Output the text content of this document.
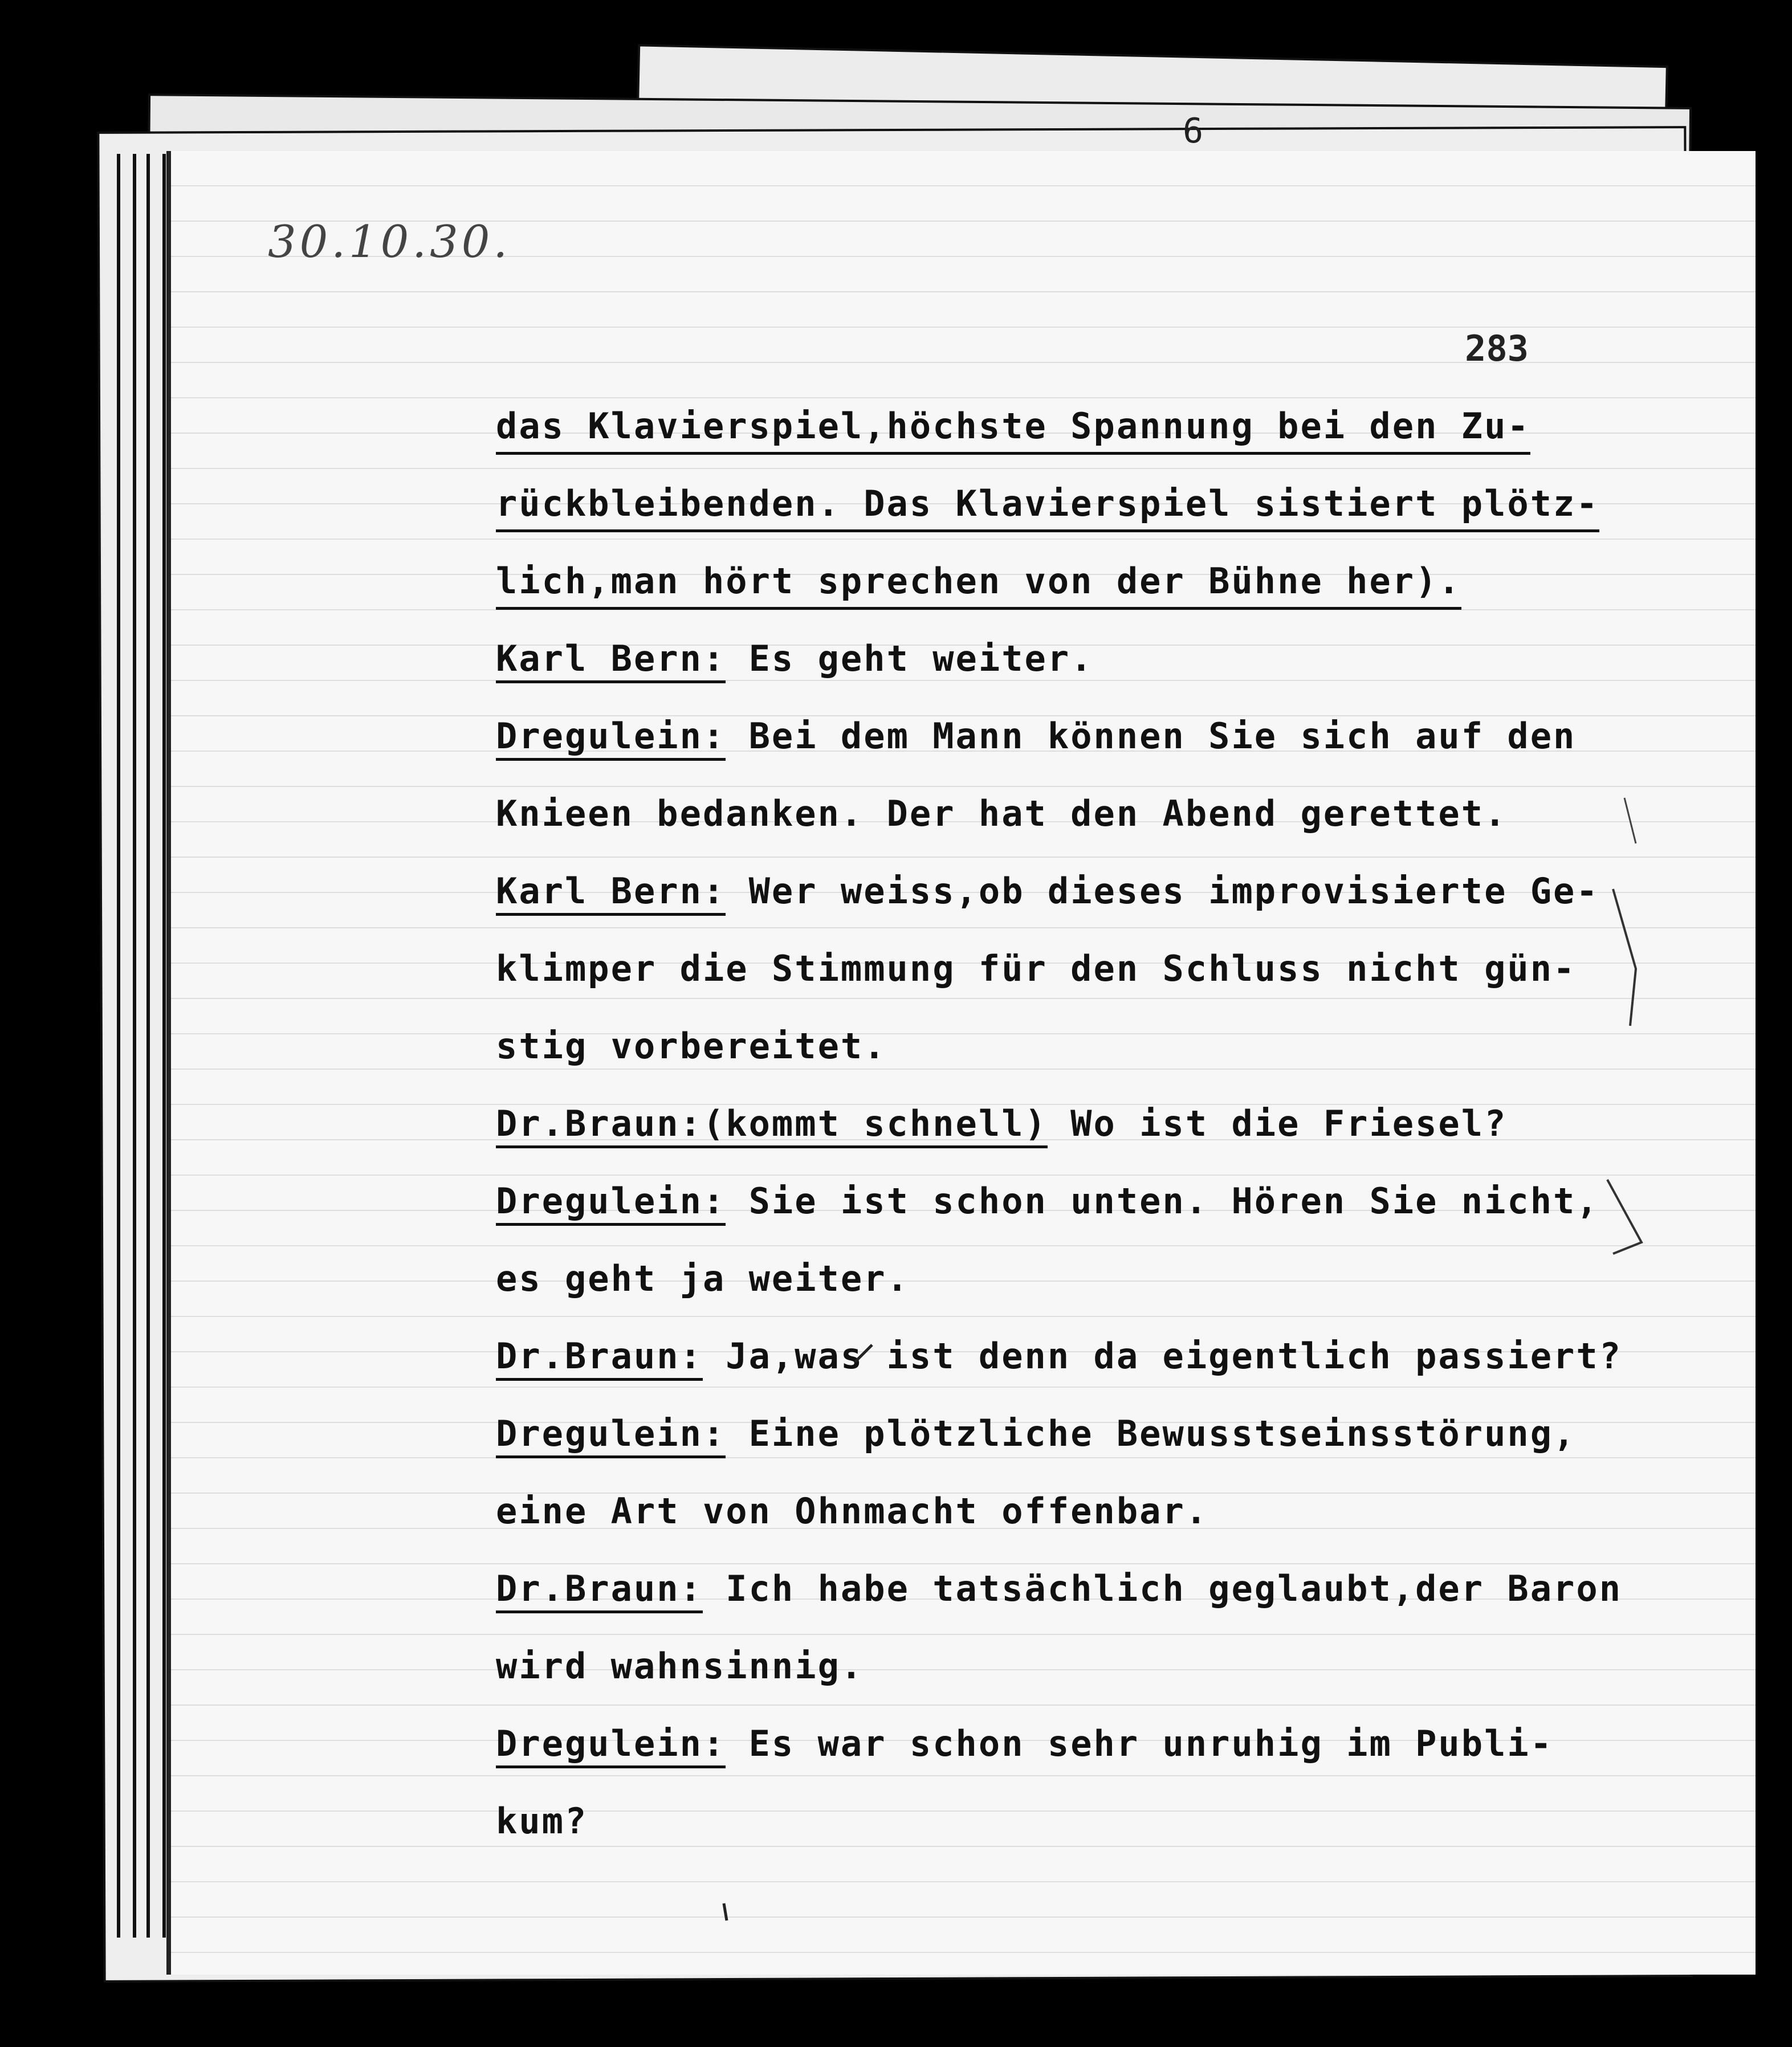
30.10.30.
6
283
das Klavierspiel,höchste Spannung bei den Zu-
rückbleibenden. Das Klavierspiel sistiert plötz-
lich,man hört sprechen von der Bühne her).
Karl Bern: Es geht weiter.
Dregulein: Bei dem Mann können Sie sich auf den
Knieen bedanken. Der hat den Abend gerettet.
Karl Bern: Wer weiss,ob dieses improvisierte Ge-
klimper die Stimmung für den Schluss nicht gün-
stig vorbereitet.
Dr.Braun:(kommt schnell) Wo ist die Friesel?
Dregulein: Sie ist schon unten. Hören Sie nicht,
es geht ja weiter.
Dr.Braun: Ja,was ist denn da eigentlich passiert?
Dregulein: Eine plötzliche Bewusstseinsstörung,
eine Art von Ohnmacht offenbar.
Dr.Braun: Ich habe tatsächlich geglaubt,der Baron
wird wahnsinnig.
Dregulein: Es war schon sehr unruhig im Publi-
kum?
